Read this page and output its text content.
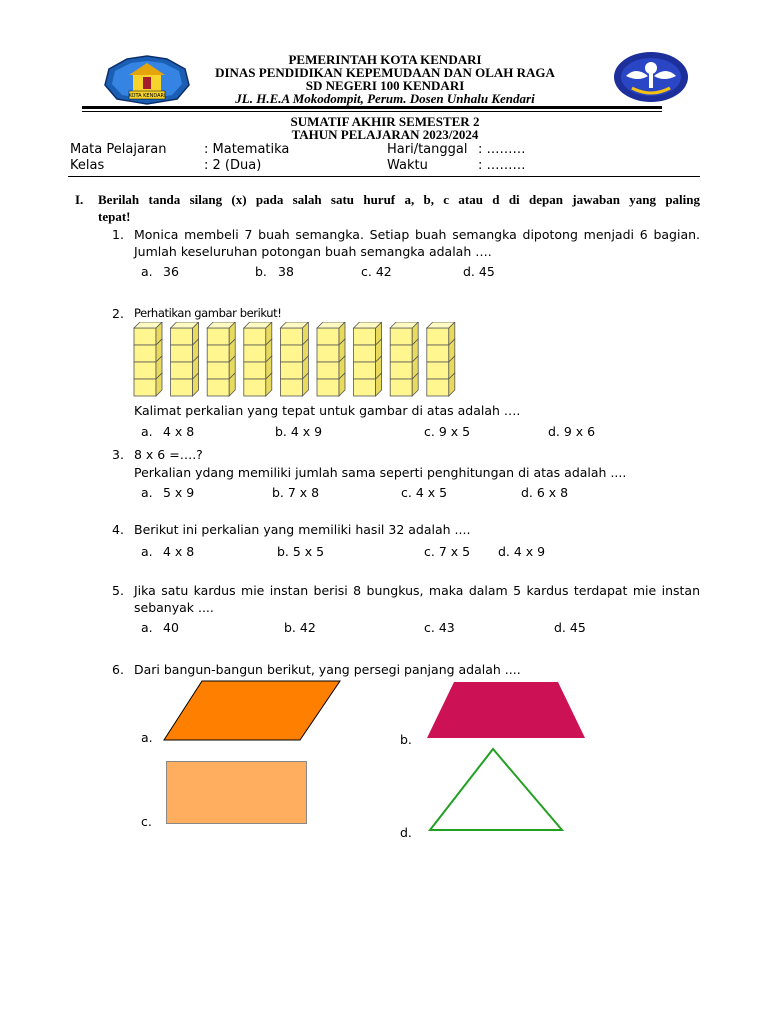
KOTA KENDARI
PEMERINTAH KOTA KENDARI
DINAS PENDIDIKAN KEPEMUDAAN DAN OLAH RAGA
SD NEGERI 100 KENDARI
JL. H.E.A Mokodompit, Perum. Dosen Unhalu Kendari
SUMATIF AKHIR SEMESTER 2
TAHUN PELAJARAN 2023/2024
Mata Pelajaran	: Matematika	Hari/tanggal : ………
Kelas	: 2 (Dua)	Waktu	: ………
I. Berilah tanda silang (x) pada salah satu huruf a, b, c atau d di depan jawaban yang paling
tepat!
1. Monica membeli 7 buah semangka. Setiap buah semangka dipotong menjadi 6 bagian.
Jumlah keseluruhan potongan buah semangka adalah ….
a. 36	b. 38	c. 42	d. 45
2. Perhatikan gambar berikut!
Kalimat perkalian yang tepat untuk gambar di atas adalah ….
a. 4 x 8	b. 4 x 9	c. 9 x 5	d. 9 x 6
3. 8 x 6 =….?
Perkalian ydang memiliki jumlah sama seperti penghitungan di atas adalah ....
a. 5 x 9	b. 7 x 8	c. 4 x 5	d. 6 x 8
4. Berikut ini perkalian yang memiliki hasil 32 adalah ....
a. 4 x 8	b. 5 x 5	c. 7 x 5 d. 4 x 9
5. Jika satu kardus mie instan berisi 8 bungkus, maka dalam 5 kardus terdapat mie instan
sebanyak ....
a. 40	b. 42	c. 43	d. 45
6. Dari bangun-bangun berikut, yang persegi panjang adalah ....
a.	b.
c.
d.
